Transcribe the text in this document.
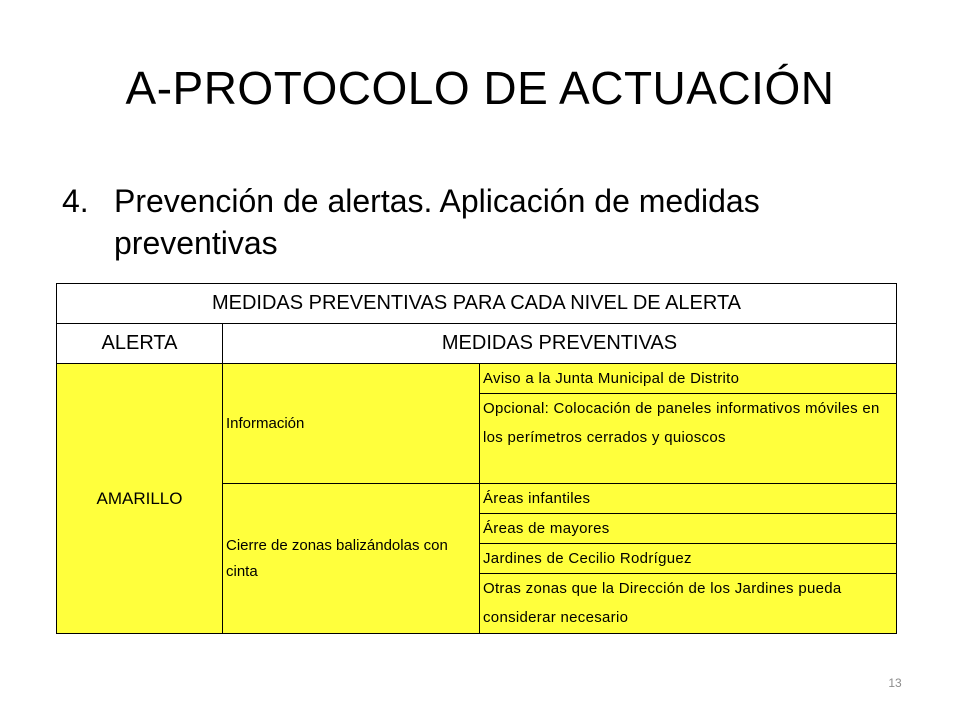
A-PROTOCOLO DE ACTUACIÓN
4. Prevención de alertas. Aplicación de medidas preventivas
MEDIDAS PREVENTIVAS PARA CADA NIVEL DE ALERTA		
ALERTA	MEDIDAS PREVENTIVAS	
AMARILLO	Información	Aviso a la Junta Municipal de Distrito
		Opcional: Colocación de paneles informativos móviles en los perímetros cerrados y quioscos
	Cierre de zonas balizándolas con cinta	Áreas infantiles
		Áreas de mayores
		Jardines de Cecilio Rodríguez
		Otras zonas que la Dirección de los Jardines pueda considerar necesario
13
